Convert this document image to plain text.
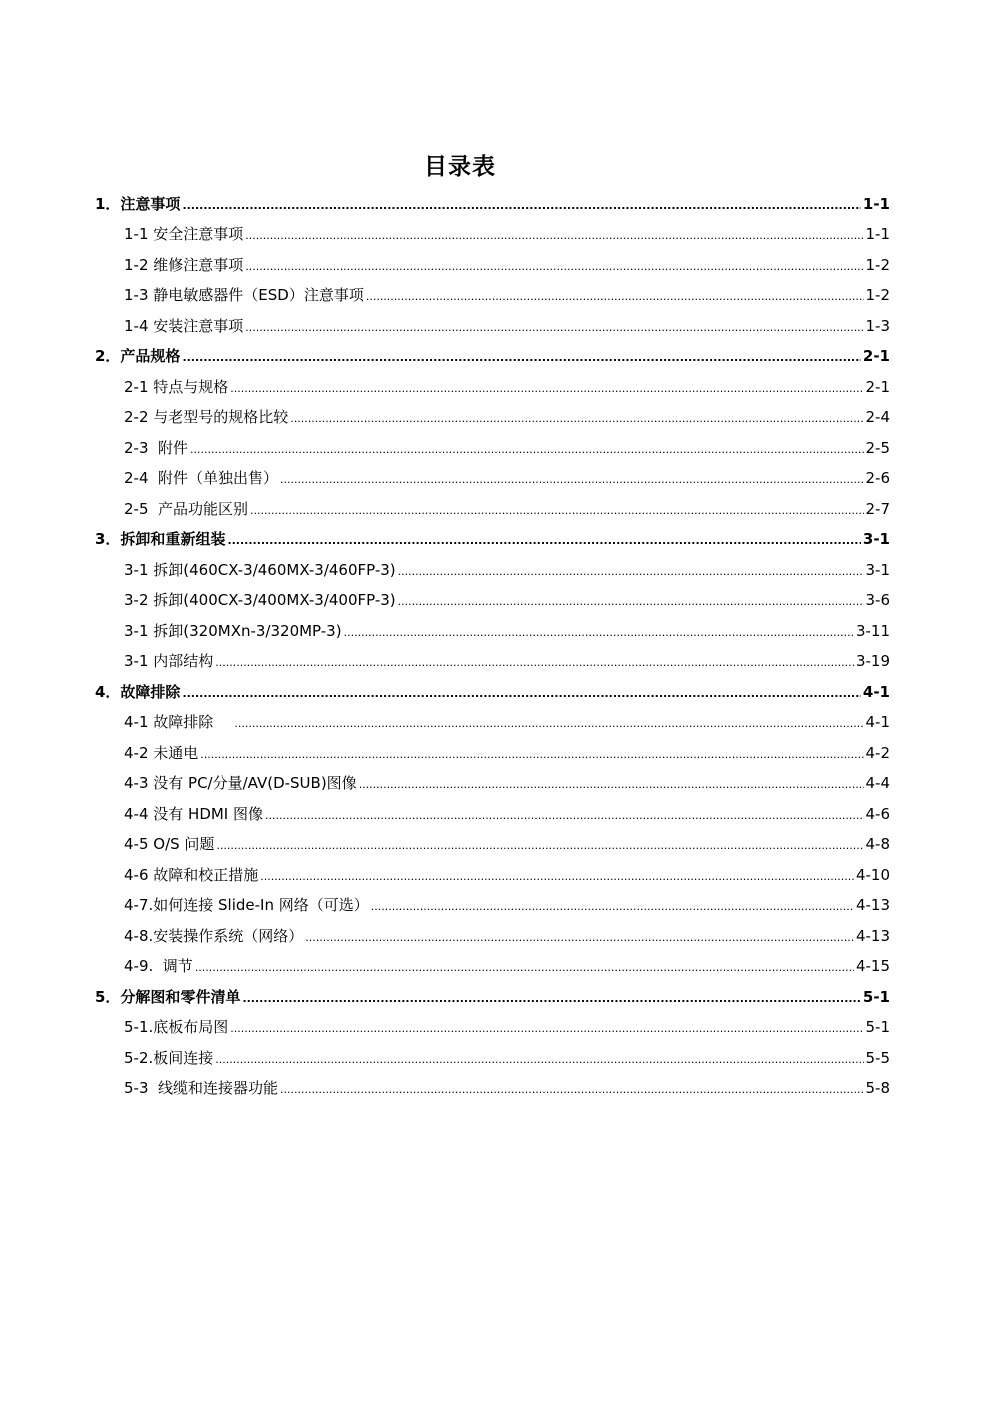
目录表
1．注意事项 .....	1-1
1-1 安全注意事项 .....	1-1
1-2 维修注意事项 .....	1-2
1-3 静电敏感器件（ESD）注意事项 .....	1-2
1-4 安装注意事项 .....	1-3
2．产品规格 .....	2-1
2-1 特点与规格 .....	2-1
2-2 与老型号的规格比较 .....	2-4
2-3  附件 .....	2-5
2-4  附件（单独出售） .....	2-6
2-5  产品功能区别 .....	2-7
3．拆卸和重新组装 .....	3-1
3-1 拆卸(460CX-3/460MX-3/460FP-3) .....	3-1
3-2 拆卸(400CX-3/400MX-3/400FP-3) .....	3-6
3-1 拆卸(320MXn-3/320MP-3) .....	3-11
3-1 内部结构 .....	3-19
4．故障排除 .....	4-1
4-1 故障排除 .....	4-1
4-2 未通电 .....	4-2
4-3 没有 PC/分量/AV(D-SUB)图像 .....	4-4
4-4 没有 HDMI 图像 .....	4-6
4-5 O/S 问题 .....	4-8
4-6 故障和校正措施 .....	4-10
4-7.如何连接 Slide-In 网络（可选） .....	4-13
4-8.安装操作系统（网络） .....	4-13
4-9.  调节 .....	4-15
5．分解图和零件清单 .....	5-1
5-1.底板布局图 .....	5-1
5-2.板间连接 .....	5-5
5-3  线缆和连接器功能 .....	5-8
